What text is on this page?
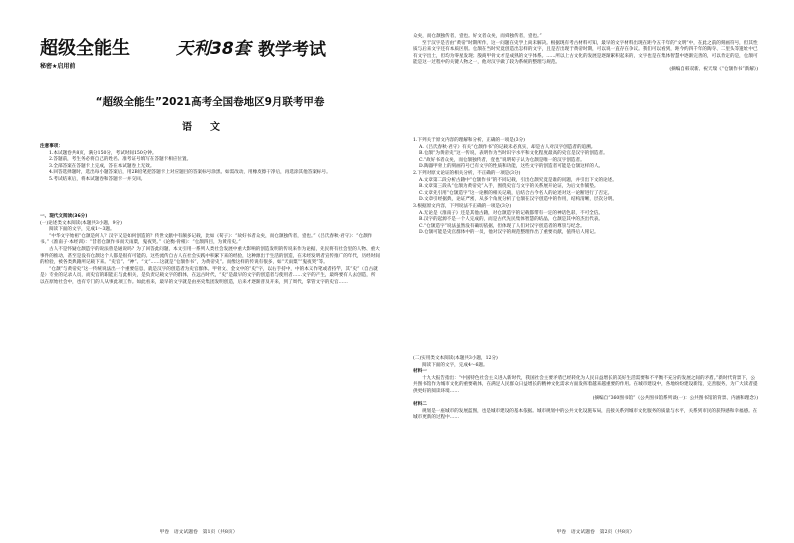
超级全能生	天利38套 教学考试
秘密★启用前
“超级全能生”2021高考全国卷地区9月联考甲卷
语文

注意事项：

1.本试题卷共8页，满分150分，考试时间150分钟。

2.答题前，考生务必将自己的姓名、准考证号填写在答题卡相应位置。

3.全部答案在答题卡上完成，答在本试题卷上无效。

4.回答选择题时，选出每小题答案后，用2B铅笔把答题卡上对应题目的答案标号涂黑。如需改动，用橡皮擦干净后，再选涂其他答案标号。

5.考试结束后，将本试题卷和答题卡一并交回。

一、现代文阅读(36分)

(一)论述类文本阅读(本题共3小题，9分)

阅读下面的文字，完成1～3题。

“中华文字始祖”仓颉是何人？汉字又是如何创造的？传世文献中有颇多记载，比如《荀子》：“故好书者众矣，而仓颉独传者，壹也。”《吕氏春秋·君守》：“仓颉作书。”《淮南子·本经训》：“昔者仓颉作书而天雨粟，鬼夜哭。”《论衡·骨相》：“仓颉四目，为黄帝史。”

古人不是怀疑仓颉造字的说法曾是通说吗？为了回答此问题，本文引用一系列人类社会发展中重大影响的创造发明的传说来作为论据，先民将有社会里的人物、重大事件的推动，甚至是没有仓颉这个人都是很有可能的。这些流传自古人在社会实践中积累下来的经验，这种源出于生活的创造，在未经发明者宣传推广的年代，历经时间的检验，被各类典籍所记载下来。“史官”、“神”、“文”……这就是“仓颉作书”，为黄帝史”。而像这样的传说有很多，如“天雨粟”“鬼夜哭”等。

“仓颉”与黄帝史“这一传统说法出一个重要信息，就是汉字的创造者为史官群体。甲骨文、金文中的“史”字，以右手持中，中的本义作笔或者持竿，其“史”（自古就是）专业的记录人员，而史官的职能正与此相关，是负责记载文字的群体，在远古时代，“史”是最早的文字的创造者与使用者……文字的产生，最终要有人去创造，所以在原始社会中，也有专门的人从事此项工作。如此看来，最早的文字就是由巫史集团发明创造，后来才逐渐普及开来，到了周代，掌管文字的史官……

甲卷　语文试题卷　第1页（共8页）

众矣，而仓颉独传者，壹也。好文者众矣，而舜独传者，壹也。”

至于汉字是否由“黄帝”时期所作，这一问题在史学上尚未解决。根据现有考古材料可知，最早的文字材料出现在距今五千年的“文明”中，在此之前的刻画符号，但其性质与后来文字还有本质区别。仓颉在当时究竟创造出怎样的文字，且是否出现于黄帝时期，可以说一直存在争议。我们可以看到，距今约四千年的陶寺、二里头等遗址中已有文字出土，但均为零星发现；殷商甲骨文才是成熟的文字体系。……所以上古文化的发展是逐渐累积起来的，文字也是在集体智慧中逐渐完善的，可以肯定的是，仓颉可能是这一过程中的关键人物之一，他对汉字做了较为系统的整理与规范。

(摘编自韩双新、祝天瑞《“仓颉作书”新解》)

1.下列关于原文内容的理解和分析，正确的一项是(3分)

A.《吕氏春秋·君守》有关“仓颉作书”的记载未必真实，却是古人对汉字创造者的追溯。

B.仓颉“为黄帝史”这一传说，表明作为当时识字水平和文化程度最高的史官是汉字的创造者。

C.“故好书者众矣，而仓颉独传者，壹也”说明荀子认为仓颉是唯一的汉字创造者。

D.陶器甲骨上的刻画符号已有文字的性质和功能，这些文字的创造者可能是仓颉这样的人。

2.下列对原文论证的相关分析，不正确的一项是(3分)

A.文章第二段分析古籍中“仓颉作书”的不同记载，引出仓颉究竟是谁的问题，并引出下文的论述。

B.文章第三段从“仓颉为黄帝史”入手，围绕史官与文字的关系展开论证，为后文作铺垫。

C.文章先引用“仓颉造字”这一论断的相关记载，后结合古今名人的论述对这一论断进行了否定。

D.文章引经据典，论证严密，从多个角度分析了仓颉在汉字创造中的作用，结构清晰，层次分明。

3.根据原文内容，下列说法不正确的一项是(3分)

A.无论是《淮南子》还是其他古籍，对仓颉造字的记载都带有一定的神话色彩，不可全信。

B.汉字的起源不是一个人完成的，而是古代先民集体智慧的结晶，仓颉是其中的杰出代表。

C.“仓颉造字”说法虽然没有确切依据，但体现了人们对汉字创造者的尊崇与纪念。

D.仓颉可能是史官群体中的一员，他对汉字的规范整理作出了重要贡献，值得后人铭记。

(二)实用类文本阅读(本题共3小题，12分)

阅读下面的文字，完成4～6题。

材料一

十九大报告指出：“中国特色社会主义进入新时代，我国社会主要矛盾已经转化为人民日益增长的美好生活需要和不平衡不充分的发展之间的矛盾。”新时代背景下，公共图书馆作为城市文化的重要载体，在满足人民群众日益增长的精神文化需求方面发挥着越来越重要的作用。在城市建设中，各地纷纷建设新馆，完善服务，为广大读者提供更好的阅读环境……

(摘编自“360图书馆”《公共图书馆系列谈(一)：公共图书馆的背景、内涵和理念》)

材料二

规划是一座城市的发展蓝图，也是城市建设的基本依据。城市规划中的公共文化设施布局，直接关系到城市文化服务的质量与水平，关系到市民的获得感和幸福感。在城市更新的过程中……

甲卷　语文试题卷　第2页（共8页）
